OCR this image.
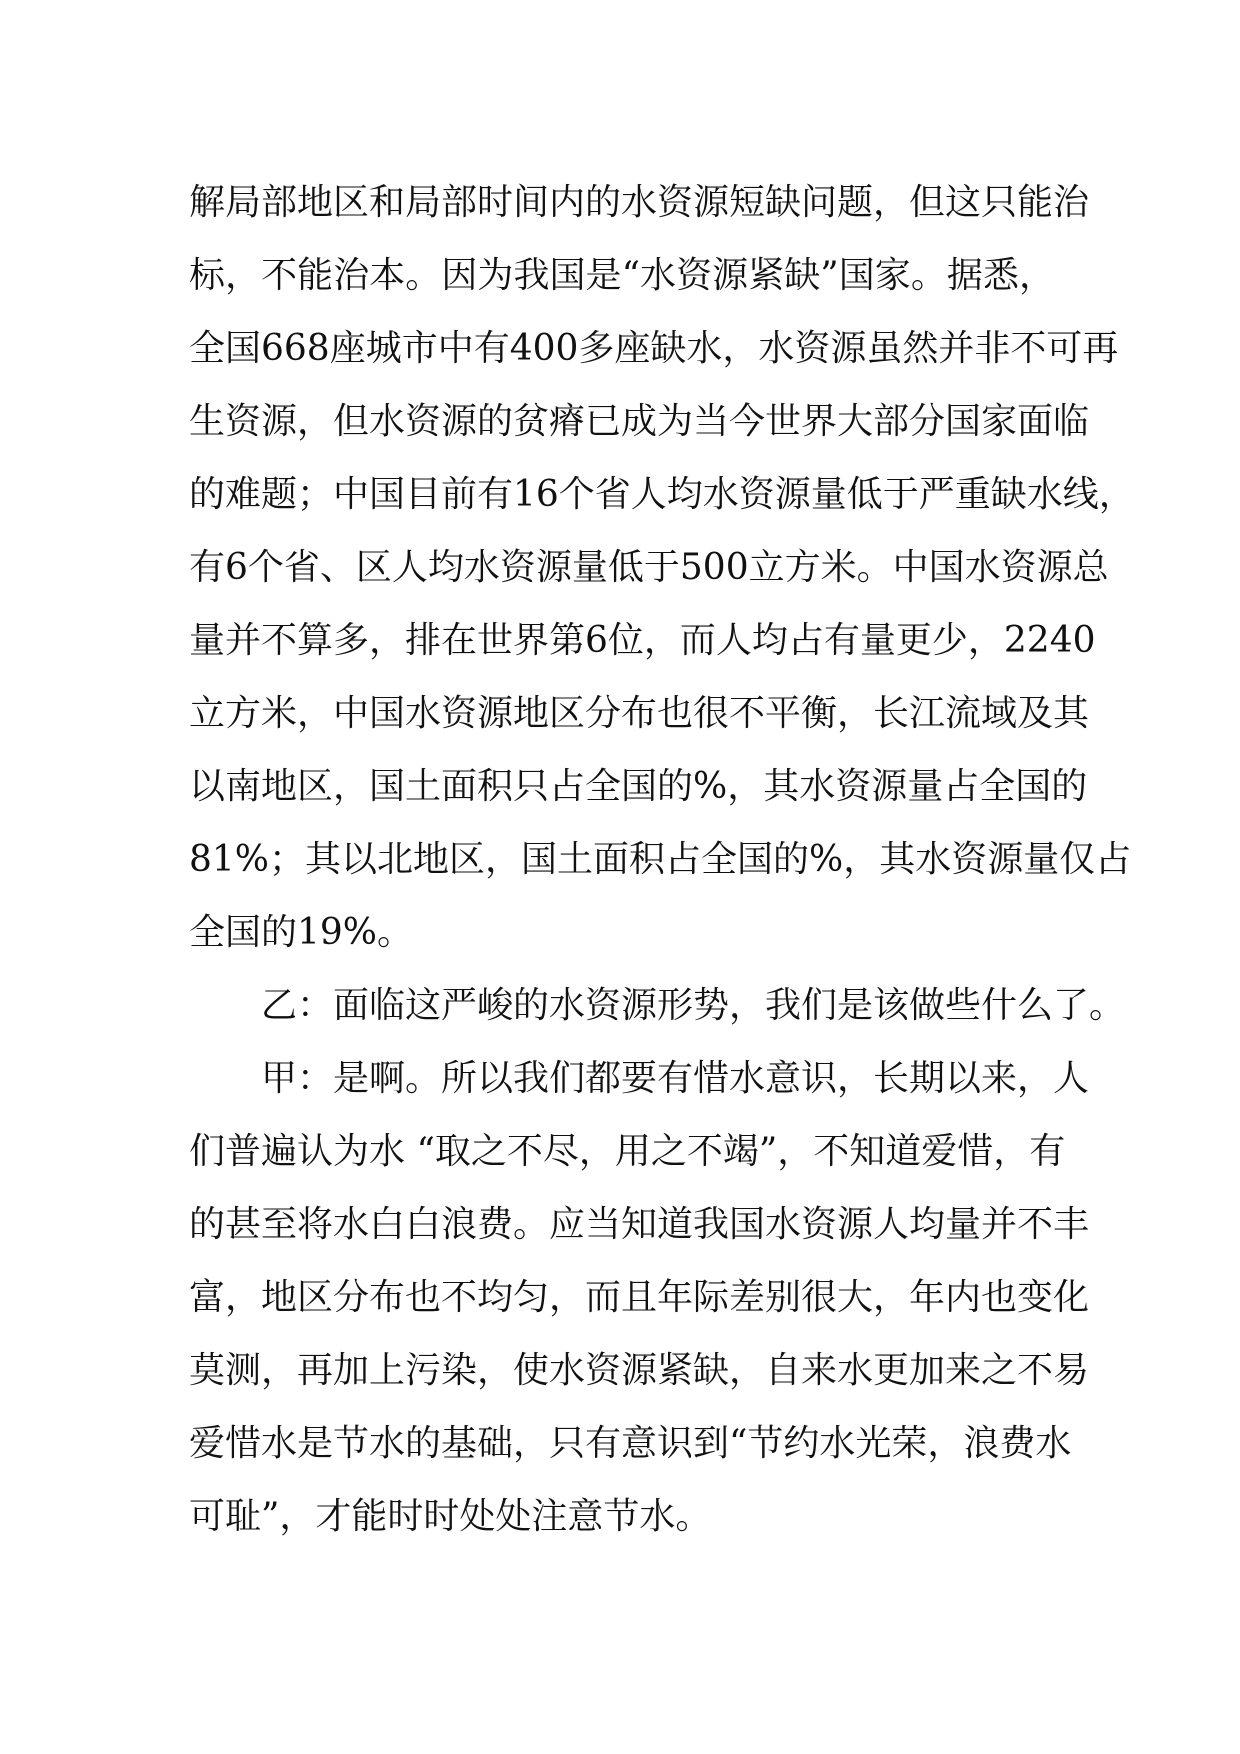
解局部地区和局部时间内的水资源短缺问题，但这只能治
标，不能治本。因为我国是“水资源紧缺”国家。据悉，
全国668座城市中有400多座缺水，水资源虽然并非不可再
生资源，但水资源的贫瘠已成为当今世界大部分国家面临
的难题；中国目前有16个省人均水资源量低于严重缺水线，
有6个省、区人均水资源量低于500立方米。中国水资源总
量并不算多，排在世界第6位，而人均占有量更少，2240
立方米，中国水资源地区分布也很不平衡，长江流域及其
以南地区，国土面积只占全国的%，其水资源量占全国的
81%；其以北地区，国土面积占全国的%，其水资源量仅占
全国的19%。
乙：面临这严峻的水资源形势，我们是该做些什么了。
甲：是啊。所以我们都要有惜水意识，长期以来，人
们普遍认为水 “取之不尽，用之不竭”，不知道爱惜，有
的甚至将水白白浪费。应当知道我国水资源人均量并不丰
富，地区分布也不均匀，而且年际差别很大，年内也变化
莫测，再加上污染，使水资源紧缺，自来水更加来之不易
爱惜水是节水的基础，只有意识到“节约水光荣，浪费水
可耻”，才能时时处处注意节水。
